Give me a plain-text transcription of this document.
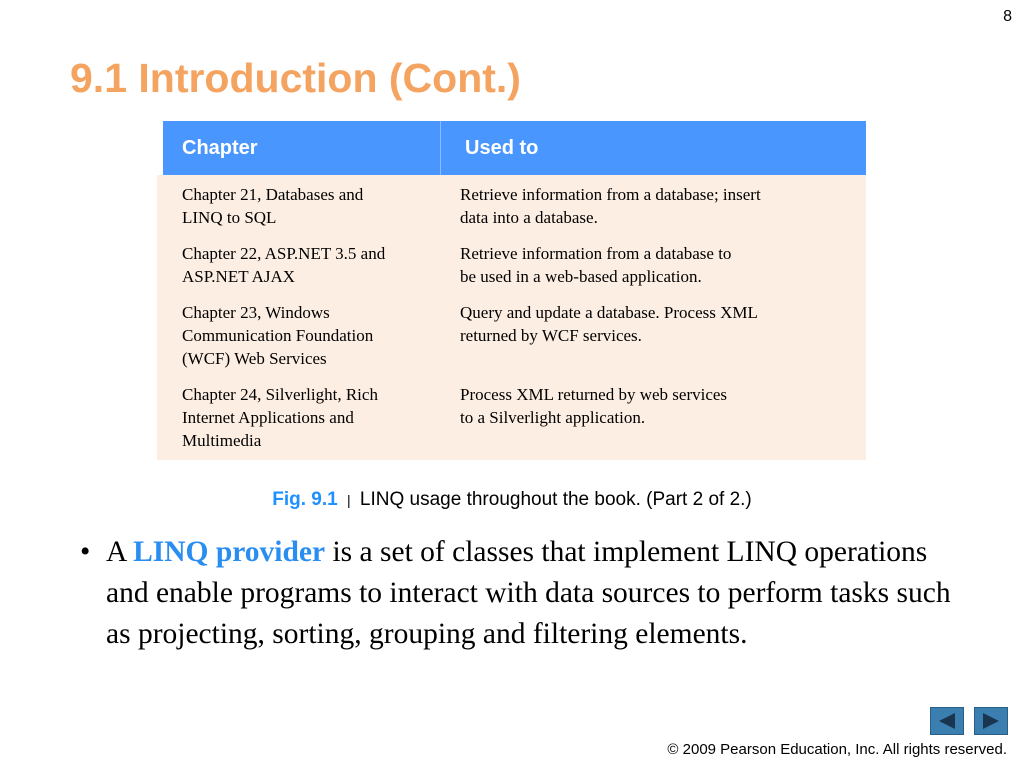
8
9.1 Introduction (Cont.)
Chapter	Used to
Chapter 21, Databases and
LINQ to SQL
Retrieve information from a database; insert
data into a database.
Chapter 22, ASP.NET 3.5 and
ASP.NET AJAX
Retrieve information from a database to
be used in a web-based application.
Chapter 23, Windows
Communication Foundation
(WCF) Web Services
Query and update a database. Process XML
returned by WCF services.
Chapter 24, Silverlight, Rich
Internet Applications and
Multimedia
Process XML returned by web services
to a Silverlight application.
Fig. 9.1 | LINQ usage throughout the book. (Part 2 of 2.)
• A LINQ provider is a set of classes that implement LINQ operations and enable programs to interact with data sources to perform tasks such as projecting, sorting, grouping and filtering elements.
© 2009 Pearson Education, Inc. All rights reserved.
